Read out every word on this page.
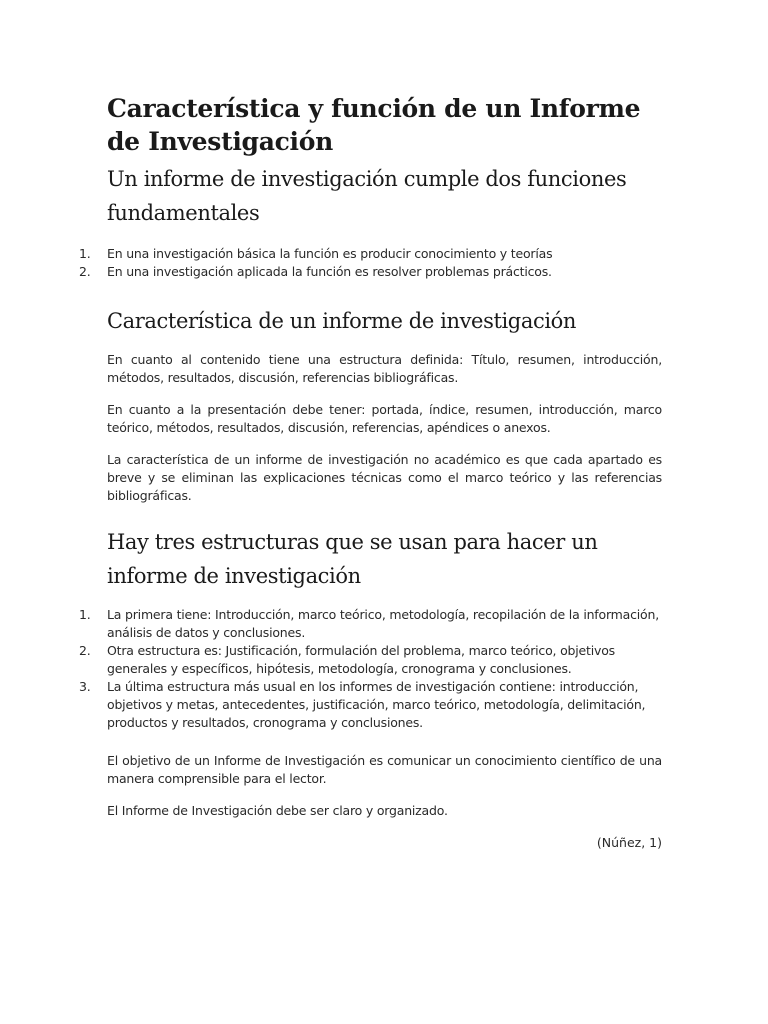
Característica y función de un Informe de Investigación
Un informe de investigación cumple dos funciones fundamentales
1. En una investigación básica la función es producir conocimiento y teorías
2. En una investigación aplicada la función es resolver problemas prácticos.
Característica de un informe de investigación

En cuanto al contenido tiene una estructura definida: Título, resumen, introducción, métodos, resultados, discusión, referencias bibliográficas.

En cuanto a la presentación debe tener: portada, índice, resumen, introducción, marco teórico, métodos, resultados, discusión, referencias, apéndices o anexos.

La característica de un informe de investigación no académico es que cada apartado es breve y se eliminan las explicaciones técnicas como el marco teórico y las referencias bibliográficas.

Hay tres estructuras que se usan para hacer un informe de investigación
1. La primera tiene: Introducción, marco teórico, metodología, recopilación de la información, análisis de datos y conclusiones.
2. Otra estructura es: Justificación, formulación del problema, marco teórico, objetivos generales y específicos, hipótesis, metodología, cronograma y conclusiones.
3. La última estructura más usual en los informes de investigación contiene: introducción, objetivos y metas, antecedentes, justificación, marco teórico, metodología, delimitación, productos y resultados, cronograma y conclusiones.

El objetivo de un Informe de Investigación es comunicar un conocimiento científico de una manera comprensible para el lector.

El Informe de Investigación debe ser claro y organizado.

(Núñez, 1)
